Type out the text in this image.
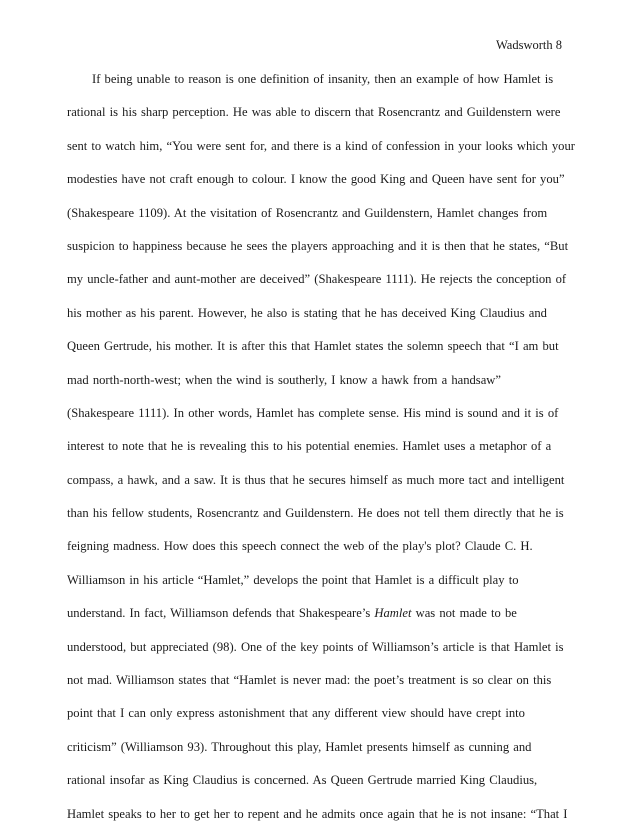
Wadsworth 8
If being unable to reason is one definition of insanity, then an example of how Hamlet is
rational is his sharp perception. He was able to discern that Rosencrantz and Guildenstern were
sent to watch him, “You were sent for, and there is a kind of confession in your looks which your
modesties have not craft enough to colour. I know the good King and Queen have sent for you”
(Shakespeare 1109). At the visitation of Rosencrantz and Guildenstern, Hamlet changes from
suspicion to happiness because he sees the players approaching and it is then that he states, “But
my uncle-father and aunt-mother are deceived” (Shakespeare 1111). He rejects the conception of
his mother as his parent. However, he also is stating that he has deceived King Claudius and
Queen Gertrude, his mother. It is after this that Hamlet states the solemn speech that “I am but
mad north-north-west; when the wind is southerly, I know a hawk from a handsaw”
(Shakespeare 1111). In other words, Hamlet has complete sense. His mind is sound and it is of
interest to note that he is revealing this to his potential enemies. Hamlet uses a metaphor of a
compass, a hawk, and a saw. It is thus that he secures himself as much more tact and intelligent
than his fellow students, Rosencrantz and Guildenstern. He does not tell them directly that he is
feigning madness. How does this speech connect the web of the play's plot? Claude C. H.
Williamson in his article “Hamlet,” develops the point that Hamlet is a difficult play to
understand. In fact, Williamson defends that Shakespeare’s Hamlet was not made to be
understood, but appreciated (98). One of the key points of Williamson’s article is that Hamlet is
not mad. Williamson states that “Hamlet is never mad: the poet’s treatment is so clear on this
point that I can only express astonishment that any different view should have crept into
criticism” (Williamson 93). Throughout this play, Hamlet presents himself as cunning and
rational insofar as King Claudius is concerned. As Queen Gertrude married King Claudius,
Hamlet speaks to her to get her to repent and he admits once again that he is not insane: “That I
